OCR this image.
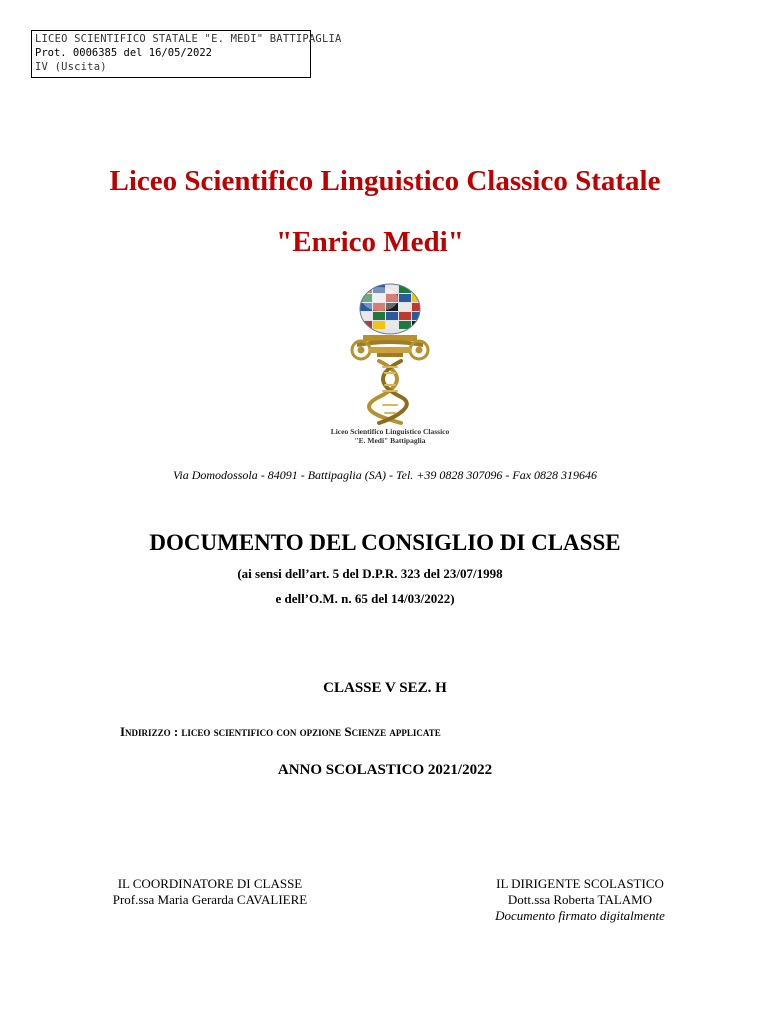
LICEO SCIENTIFICO STATALE "E. MEDI" BATTIPAGLIA
Prot. 0006385 del 16/05/2022
IV (Uscita)
Liceo Scientifico Linguistico Classico Statale
"Enrico Medi"
Liceo Scientifico Linguistico Classico
"E. Medi" Battipaglia
Via Domodossola - 84091 - Battipaglia (SA) - Tel. +39 0828 307096 - Fax 0828 319646
DOCUMENTO DEL CONSIGLIO DI CLASSE
(ai sensi dell’art. 5 del D.P.R. 323 del 23/07/1998
e dell’O.M. n. 65 del 14/03/2022)
CLASSE V SEZ. H
Indirizzo : liceo scientifico con opzione Scienze applicate
ANNO SCOLASTICO 2021/2022
IL COORDINATORE DI CLASSE
Prof.ssa Maria Gerarda CAVALIERE
IL DIRIGENTE SCOLASTICO
Dott.ssa Roberta TALAMO
Documento firmato digitalmente
